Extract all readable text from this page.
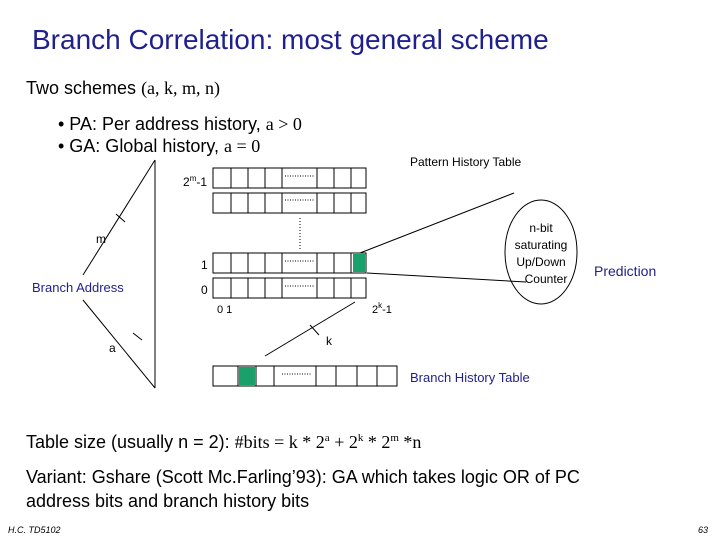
Branch Correlation: most general scheme
Two schemes (a, k, m, n)
• PA: Per address history, a > 0
• GA: Global history, a = 0
Pattern History Table
2$^m$-1
1
0
m
Branch Address
0 1	2$^k$-1
k
a
n-bit
saturating
Up/Down
Counter Prediction
Branch History Table
Table size (usually n = 2): #bits = $k * 2^a + 2^k * 2^m$ *n
Variant: Gshare (Scott Mc.Farling’93): GA which takes logic OR of PC
address bits and branch history bits
H.C. TD5102	63
